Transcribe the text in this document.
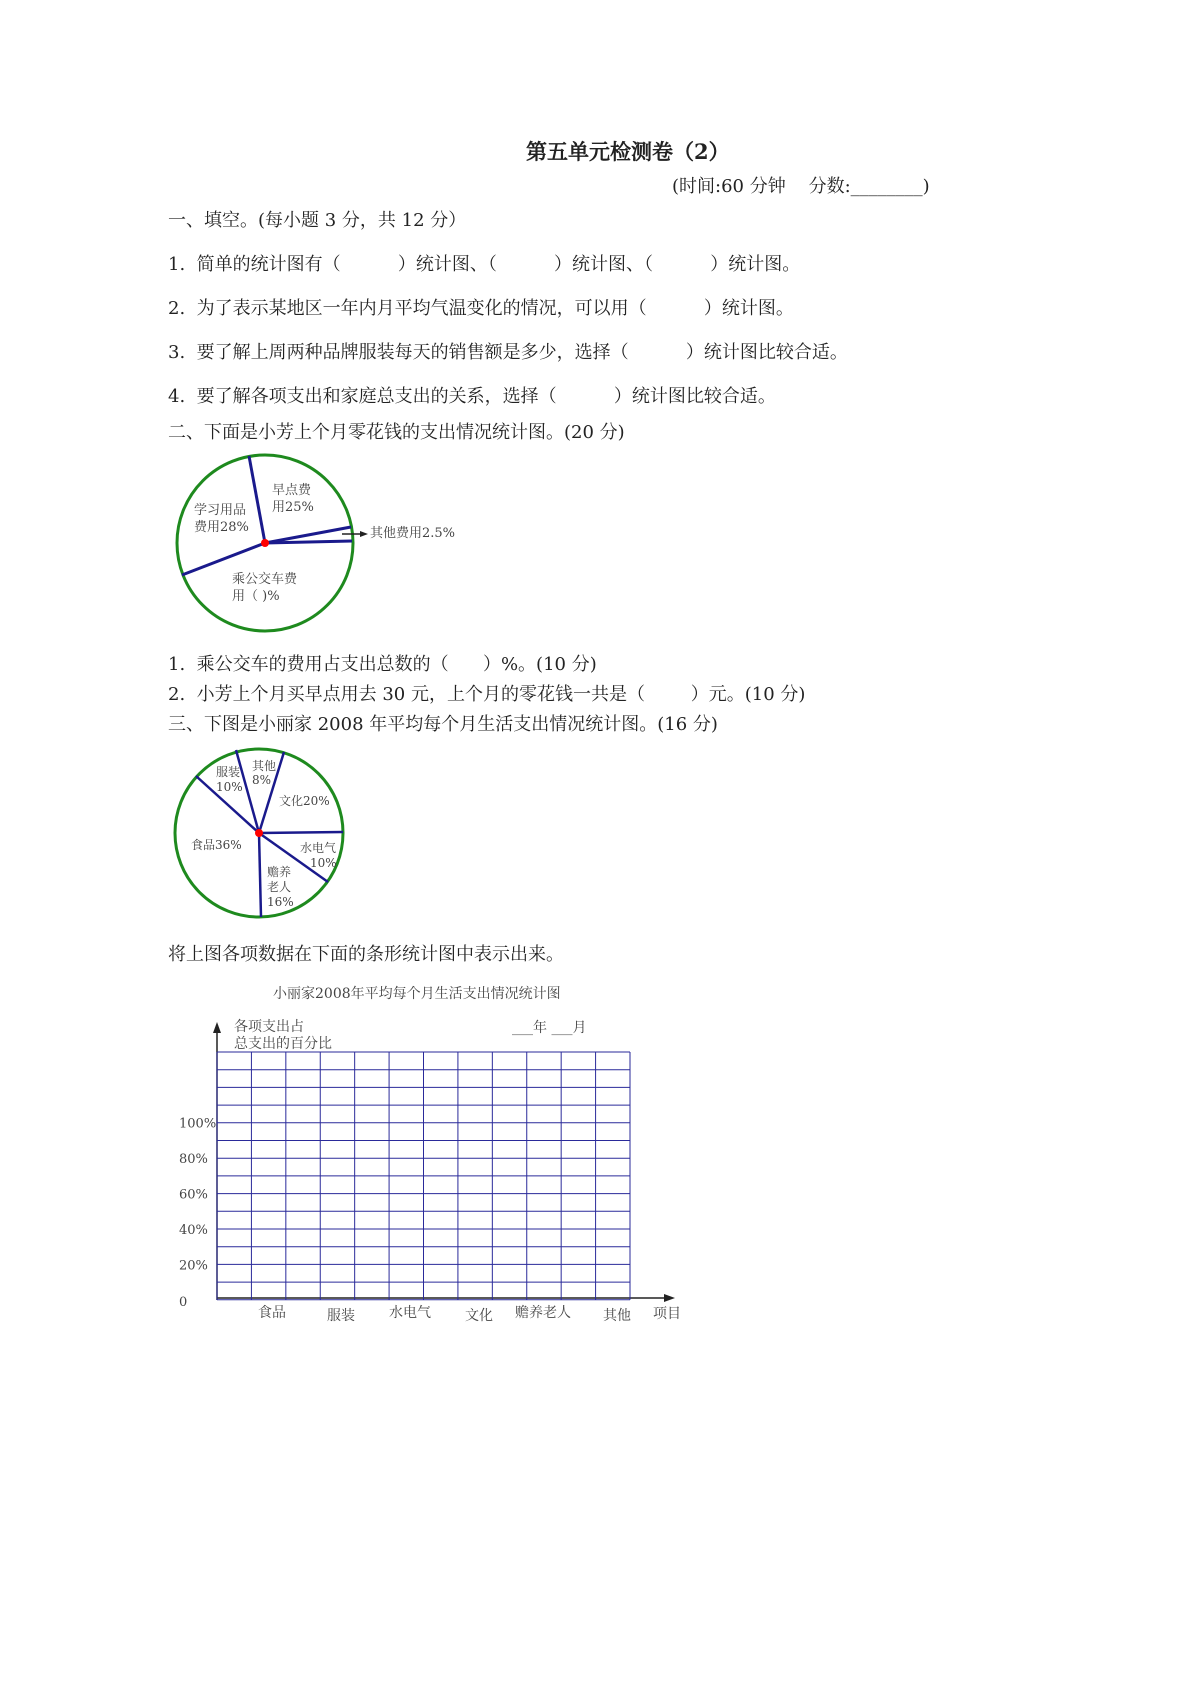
第五单元检测卷（2）
(时间:60 分钟    分数:________)
一、填空。(每小题 3 分，共 12 分）
1.  简单的统计图有（          ）统计图、（          ）统计图、（          ）统计图。
2.  为了表示某地区一年内月平均气温变化的情况，可以用（          ）统计图。
3.  要了解上周两种品牌服装每天的销售额是多少，选择（          ）统计图比较合适。
4.  要了解各项支出和家庭总支出的关系，选择（          ）统计图比较合适。
二、下面是小芳上个月零花钱的支出情况统计图。(20 分)
早点费
用25%
学习用品
费用28%
乘公交车费
用（ )%
其他费用2.5%
服装
10%
其他
8%
文化20%
食品36%	水电气
10%
赡养
老人
16%
小丽家2008年平均每个月生活支出情况统计图
各项支出占
总支出的百分比
___年 ___月
项目
100%
80%
60%
40%
20%
0
食品	服装 水电气 文化 赡养老人 其他
1.  乘公交车的费用占支出总数的（      ）%。(10 分)
2.  小芳上个月买早点用去 30 元，上个月的零花钱一共是（        ）元。(10 分)
三、下图是小丽家 2008 年平均每个月生活支出情况统计图。(16 分)
将上图各项数据在下面的条形统计图中表示出来。
